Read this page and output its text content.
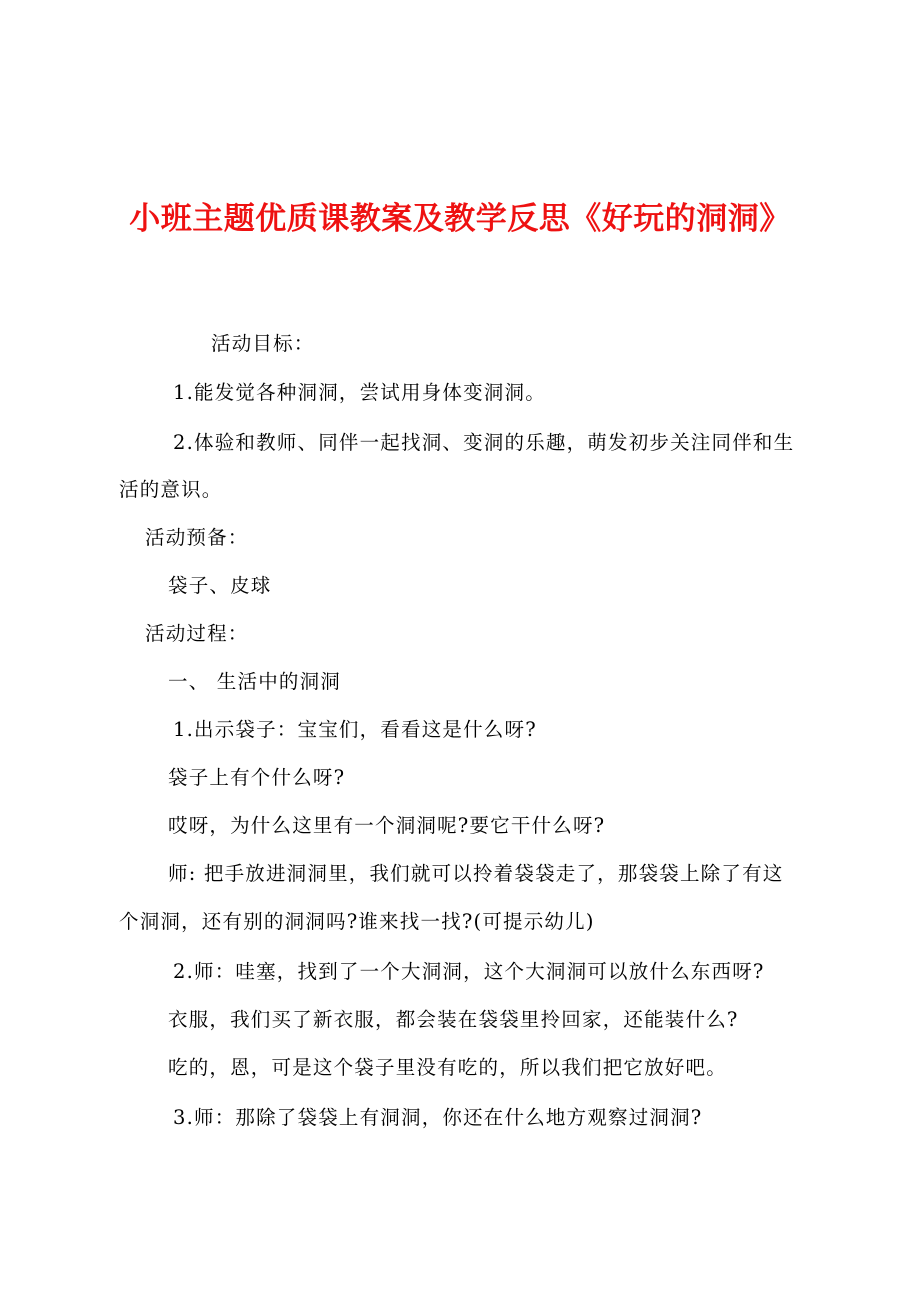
小班主题优质课教案及教学反思《好玩的洞洞》
活动目标：
1.能发觉各种洞洞，尝试用身体变洞洞。
2.体验和教师、同伴一起找洞、变洞的乐趣，萌发初步关注同伴和生
活的意识。
活动预备：
袋子、皮球
活动过程：
一、 生活中的洞洞
1.出示袋子：宝宝们，看看这是什么呀?
袋子上有个什么呀?
哎呀，为什么这里有一个洞洞呢?要它干什么呀?
师: 把手放进洞洞里，我们就可以拎着袋袋走了，那袋袋上除了有这
个洞洞，还有别的洞洞吗?谁来找一找?(可提示幼儿)
2.师：哇塞，找到了一个大洞洞，这个大洞洞可以放什么东西呀?
衣服，我们买了新衣服，都会装在袋袋里拎回家，还能装什么?
吃的，恩，可是这个袋子里没有吃的，所以我们把它放好吧。
3.师：那除了袋袋上有洞洞，你还在什么地方观察过洞洞?
